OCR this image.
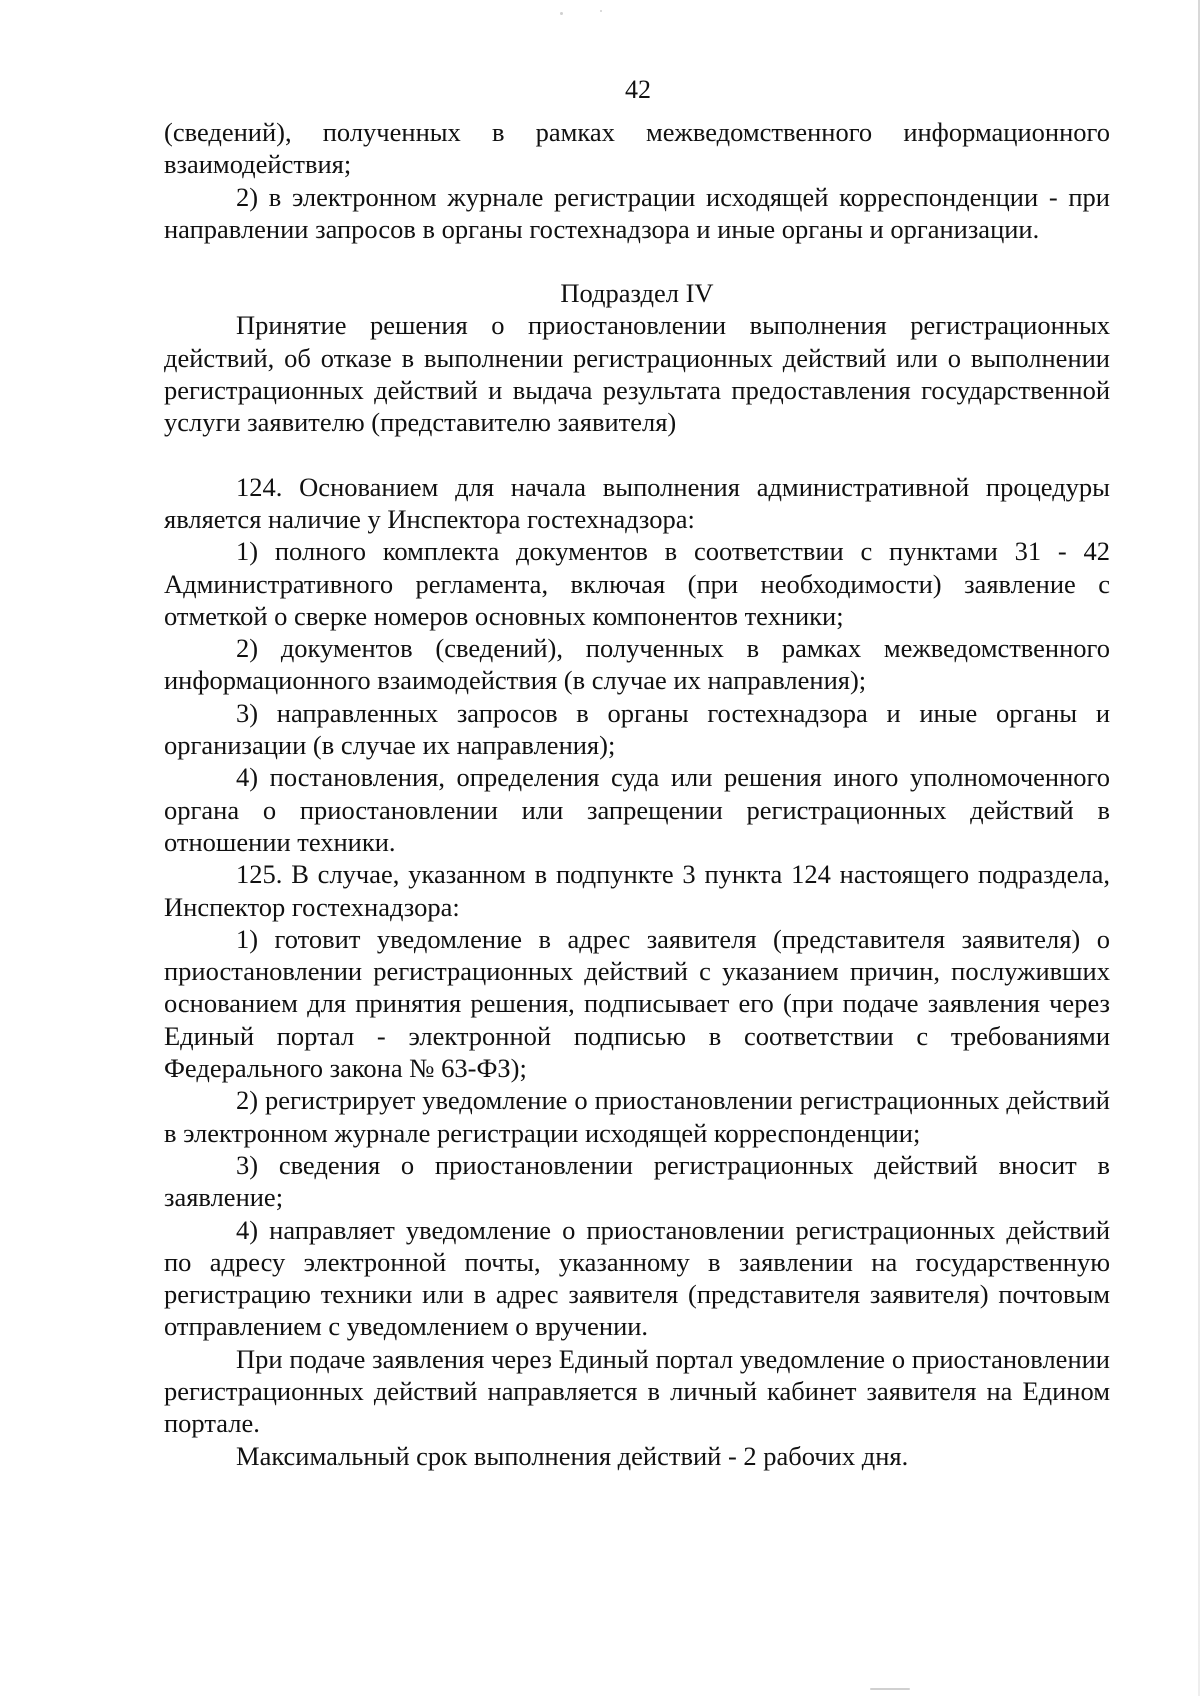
42

(сведений), полученных в рамках межведомственного информационного взаимодействия;

2) в электронном журнале регистрации исходящей корреспонденции - при направлении запросов в органы гостехнадзора и иные органы и организации.

Подраздел IV

Принятие решения о приостановлении выполнения регистрационных действий, об отказе в выполнении регистрационных действий или о выполнении регистрационных действий и выдача результата предоставления государственной услуги заявителю (представителю заявителя)

124. Основанием для начала выполнения административной процедуры является наличие у Инспектора гостехнадзора:

1) полного комплекта документов в соответствии с пунктами 31 - 42 Административного регламента, включая (при необходимости) заявление с отметкой о сверке номеров основных компонентов техники;

2) документов (сведений), полученных в рамках межведомственного информационного взаимодействия (в случае их направления);

3) направленных запросов в органы гостехнадзора и иные органы и организации (в случае их направления);

4) постановления, определения суда или решения иного уполномоченного органа о приостановлении или запрещении регистрационных действий в отношении техники.

125. В случае, указанном в подпункте 3 пункта 124 настоящего подраздела, Инспектор гостехнадзора:

1) готовит уведомление в адрес заявителя (представителя заявителя) о приостановлении регистрационных действий с указанием причин, послуживших основанием для принятия решения, подписывает его (при подаче заявления через Единый портал - электронной подписью в соответствии с требованиями Федерального закона № 63-ФЗ);

2) регистрирует уведомление о приостановлении регистрационных действий в электронном журнале регистрации исходящей корреспонденции;

3) сведения о приостановлении регистрационных действий вносит в заявление;

4) направляет уведомление о приостановлении регистрационных действий по адресу электронной почты, указанному в заявлении на государственную регистрацию техники или в адрес заявителя (представителя заявителя) почтовым отправлением с уведомлением о вручении.

При подаче заявления через Единый портал уведомление о приостановлении регистрационных действий направляется в личный кабинет заявителя на Едином портале.

Максимальный срок выполнения действий - 2 рабочих дня.
